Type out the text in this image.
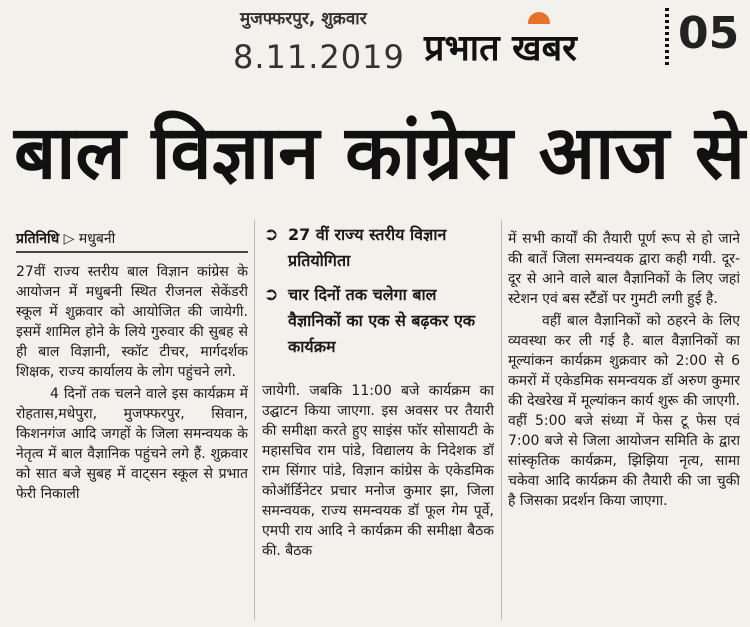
मुजफ्फरपुर, शुक्रवार
8.11.2019 प्रभात खबर 05
बाल विज्ञान कांग्रेस आज से
प्रतिनिधि ▷ मधुबनी

27वीं राज्य स्तरीय बाल विज्ञान कांग्रेस के आयोजन में मधुबनी स्थित रीजनल सेकेंडरी स्कूल में शुक्रवार को आयोजित की जायेगी. इसमें शामिल होने के लिये गुरुवार की सुबह से ही बाल विज्ञानी, स्कॉट टीचर, मार्गदर्शक शिक्षक, राज्य कार्यालय के लोग पहुंचने लगे.

4 दिनों तक चलने वाले इस कार्यक्रम में रोहतास,मधेपुरा, मुजफ्फरपुर, सिवान, किशनगंज आदि जगहों के जिला समन्वयक के नेतृत्व में बाल वैज्ञानिक पहुंचने लगे हैं. शुक्रवार को सात बजे सुबह में वाट्सन स्कूल से प्रभात फेरी निकाली

➲ 27 वीं राज्य स्तरीय विज्ञान प्रतियोगिता
➲ चार दिनों तक चलेगा बाल वैज्ञानिकों का एक से बढ़कर एक कार्यक्रम

जायेगी. जबकि 11:00 बजे कार्यक्रम का उद्घाटन किया जाएगा. इस अवसर पर तैयारी की समीक्षा करते हुए साइंस फॉर सोसायटी के महासचिव राम पांडे, विद्यालय के निदेशक डॉ राम सिंगार पांडे, विज्ञान कांग्रेस के एकेडमिक कोऑर्डिनेटर प्रचार मनोज कुमार झा, जिला समन्वयक, राज्य समन्वयक डॉ फूल गेम पूर्वे, एमपी राय आदि ने कार्यक्रम की समीक्षा बैठक की. बैठक

में सभी कार्यों की तैयारी पूर्ण रूप से हो जाने की बातें जिला समन्वयक द्वारा कही गयी. दूर-दूर से आने वाले बाल वैज्ञानिकों के लिए जहां स्टेशन एवं बस स्टैंडों पर गुमटी लगी हुई है.

वहीं बाल वैज्ञानिकों को ठहरने के लिए व्यवस्था कर ली गई है. बाल वैज्ञानिकों का मूल्यांकन कार्यक्रम शुक्रवार को 2:00 से 6 कमरों में एकेडमिक समन्वयक डॉ अरुण कुमार की देखरेख में मूल्यांकन कार्य शुरू की जाएगी. वहीं 5:00 बजे संध्या में फेस टू फेस एवं 7:00 बजे से जिला आयोजन समिति के द्वारा सांस्कृतिक कार्यक्रम, झिझिया नृत्य, सामा चकेवा आदि कार्यक्रम की तैयारी की जा चुकी है जिसका प्रदर्शन किया जाएगा.
